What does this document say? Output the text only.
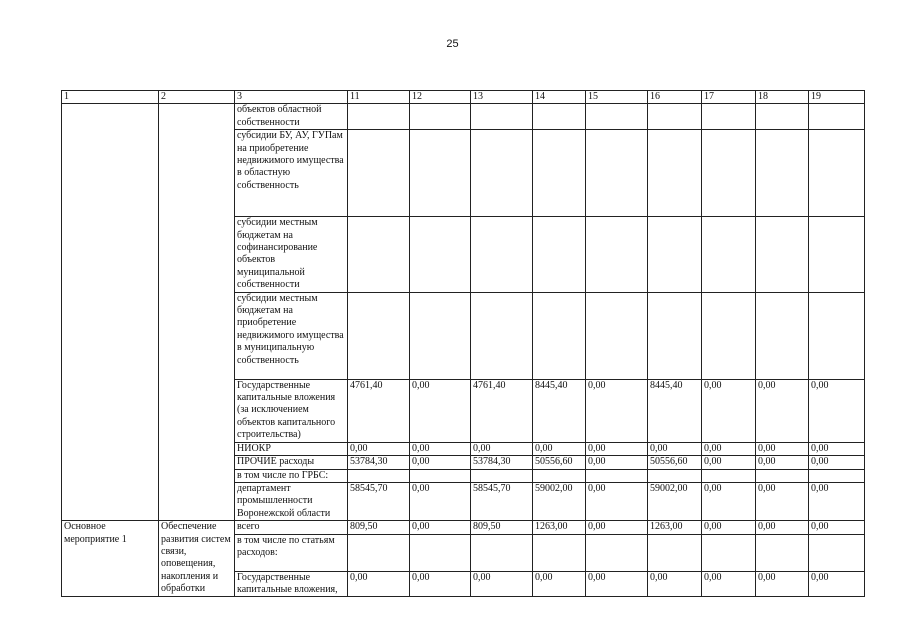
25
1	2	3	11	12	13	14	15	16	17	18	19
		объектов областной собственности									
		субсидии БУ, АУ, ГУПам на приобретение недвижимого имущества в областную собственность									
		субсидии местным бюджетам на софинансирование объектов муниципальной собственности									
		субсидии местным бюджетам на приобретение недвижимого имущества в муниципальную собственность									
		Государственные капитальные вложения (за исключением объектов капитального строительства)	4761,40	0,00	4761,40	8445,40	0,00	8445,40	0,00	0,00	0,00
		НИОКР	0,00	0,00	0,00	0,00	0,00	0,00	0,00	0,00	0,00
		ПРОЧИЕ расходы	53784,30	0,00	53784,30	50556,60	0,00	50556,60	0,00	0,00	0,00
		в том числе по ГРБС:									
		департамент промышленности Воронежской области	58545,70	0,00	58545,70	59002,00	0,00	59002,00	0,00	0,00	0,00
Основное мероприятие 1	Обеспечение развития систем связи, оповещения, накопления и обработки	всего	809,50	0,00	809,50	1263,00	0,00	1263,00	0,00	0,00	0,00
		в том числе по статьям расходов:									
		Государственные капитальные вложения,	0,00	0,00	0,00	0,00	0,00	0,00	0,00	0,00	0,00
